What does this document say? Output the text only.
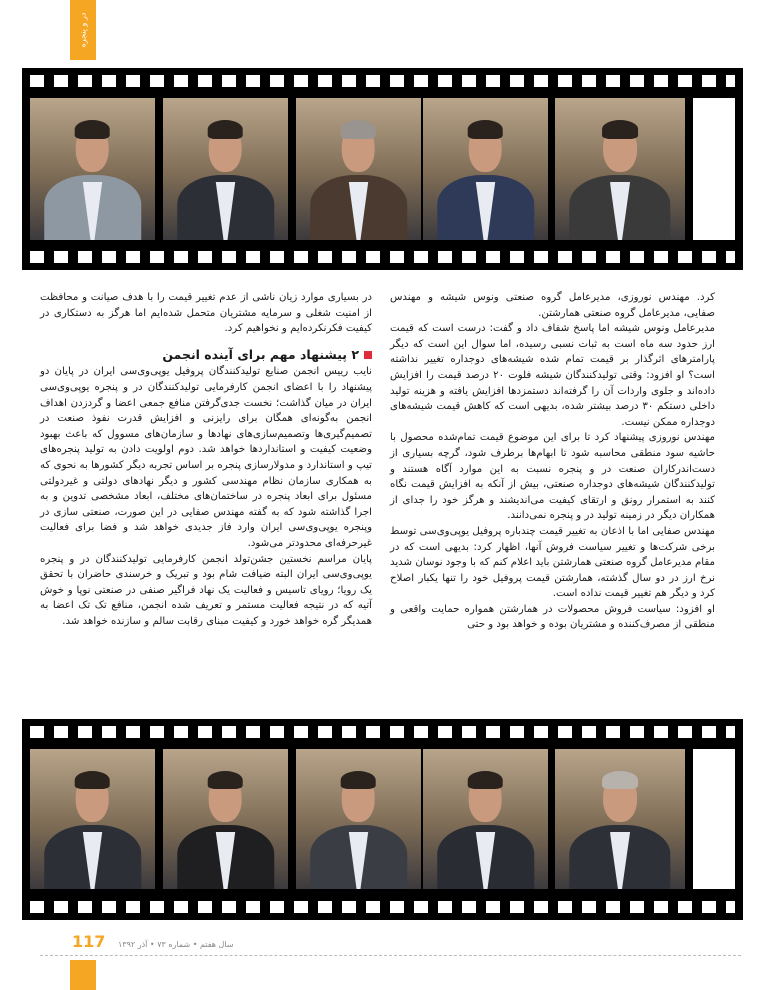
در و پنجره

کرد. مهندس نوروزی، مدیرعامل گروه صنعتی ونوس شیشه و مهندس صفایی، مدیرعامل گروه صنعتی همارشتن.

مدیرعامل ونوس شیشه اما پاسخ شفاف داد و گفت: درست است که قیمت ارز حدود سه ماه است به ثبات نسبی رسیده، اما سوال این است که دیگر پارامترهای اثرگذار بر قیمت تمام شده شیشه‌های دوجداره تغییر نداشته است؟ او افزود: وقتی تولیدکنندگان شیشه فلوت ۲۰ درصد قیمت را افزایش داده‌اند و جلوی واردات آن را گرفته‌اند دستمزدها افزایش یافته و هزینه تولید داخلی دستکم ۳۰ درصد بیشتر شده، بدیهی است که کاهش قیمت شیشه‌های دوجداره ممکن نیست.

مهندس نوروزی پیشنهاد کرد تا برای این موضوع قیمت تمام‌شده محصول با حاشیه سود منطقی محاسبه شود تا ابهام‌ها برطرف شود، گرچه بسیاری از دست‌اندرکاران صنعت در و پنجره نسبت به این موارد آگاه هستند و تولیدکنندگان شیشه‌های دوجداره صنعتی، بیش از آنکه به افزایش قیمت نگاه کنند به استمرار رونق و ارتقای کیفیت می‌اندیشند و هرگز خود را جدای از همکاران دیگر در زمینه تولید در و پنجره نمی‌دانند.

مهندس صفایی اما با اذعان به تغییر قیمت چندباره پروفیل یوپی‌وی‌سی توسط برخی شرکت‌ها و تغییر سیاست فروش آنها، اظهار کرد: بدیهی است که در مقام مدیرعامل گروه صنعتی همارشتن باید اعلام کنم که با وجود نوسان شدید نرخ ارز در دو سال گذشته، همارشتن قیمت پروفیل خود را تنها یکبار اصلاح کرد و دیگر هم تغییر قیمت نداده است.

او افزود: سیاست فروش محصولات در همارشتن همواره حمایت واقعی و منطقی از مصرف‌کننده و مشتریان بوده و خواهد بود و حتی

در بسیاری موارد زیان ناشی از عدم تغییر قیمت را با هدف صیانت و محافظت از امنیت شغلی و سرمایه مشتریان متحمل شده‌ایم اما هرگز به دستکاری در کیفیت فکرنکرده‌ایم و نخواهیم کرد.

۲ پیشنهاد مهم برای آینده انجمن

نایب رییس انجمن صنایع تولیدکنندگان پروفیل یوپی‌وی‌سی ایران در پایان دو پیشنهاد را با اعضای انجمن کارفرمایی تولیدکنندگان در و پنجره یوپی‌وی‌سی ایران در میان گذاشت؛ نخست جدی‌گرفتن منافع جمعی اعضا و گردزدن اهداف انجمن به‌گونه‌ای همگان برای رایزنی و افزایش قدرت نفوذ صنعت در تصمیم‌گیری‌ها وتصمیم‌سازی‌های نهادها و سازمان‌های مسوول که باعث بهبود وضعیت کیفیت و استانداردها خواهد شد. دوم اولویت دادن به تولید پنجره‌های تیپ و استاندارد و مدولارسازی پنجره بر اساس تجربه دیگر کشورها به نحوی که به همکاری سازمان نظام مهندسی کشور و دیگر نهادهای دولتی و غیردولتی مسئول برای ابعاد پنجره در ساختمان‌های مختلف، ابعاد مشخصی تدوین و به اجرا گذاشته شود که به گفته مهندس صفایی در این صورت، صنعتی سازی در وپنجره یوپی‌وی‌سی ایران وارد فاز جدیدی خواهد شد و فضا برای فعالیت غیرحرفه‌ای محدودتر می‌شود.

پایان مراسم نخستین جشن‌تولد انجمن کارفرمایی تولیدکنندگان در و پنجره یوپی‌وی‌سی ایران البته ضیافت شام بود و تبریک و خرسندی حاضران با تحقق یک رویا؛ رویای تاسیس و فعالیت یک نهاد فراگیر صنفی در صنعتی نوپا و خوش آتیه که در نتیجه فعالیت مستمر و تعریف شده انجمن، منافع تک تک اعضا به همدیگر گره خواهد خورد و کیفیت مبنای رقابت سالم و سازنده خواهد شد.

117 سال هفتم • شماره ۷۳ • آذر ۱۳۹۲
